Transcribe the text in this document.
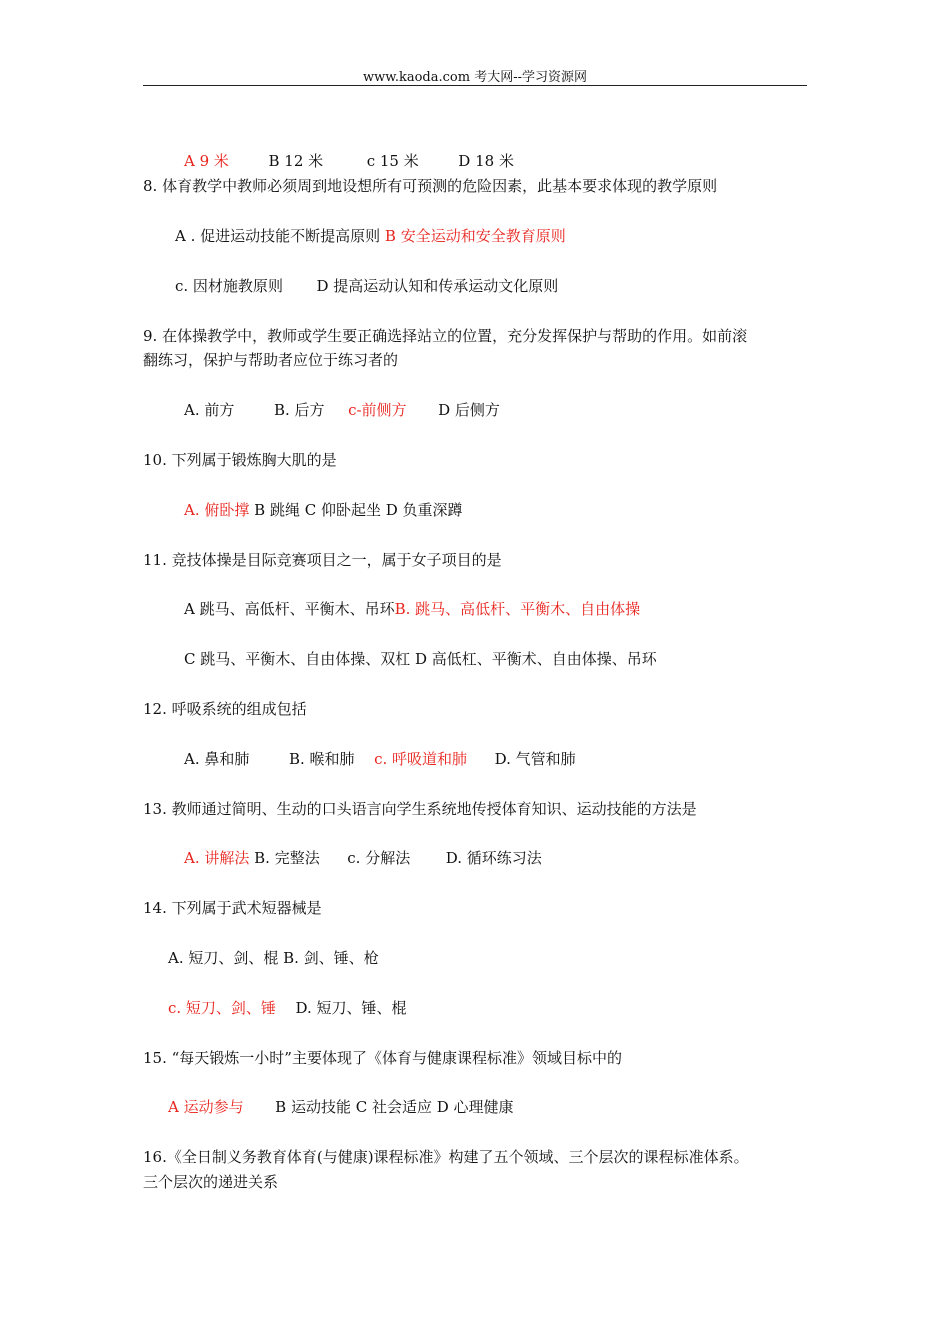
www.kaoda.com 考大网--学习资源网
A 9 米	B 12 米	c 15 米	D 18 米
8. 体育教学中教师必须周到地设想所有可预测的危险因素，此基本要求体现的教学原则
A . 促进运动技能不断提高原则 B 安全运动和安全教育原则
c. 因材施教原则 D 提高运动认知和传承运动文化原则
9. 在体操教学中，教师或学生要正确选择站立的位置，充分发挥保护与帮助的作用。如前滚
翻练习，保护与帮助者应位于练习者的
A. 前方	B. 后方 c-前侧方 D 后侧方
10. 下列属于锻炼胸大肌的是
A. 俯卧撑 B 跳绳 C 仰卧起坐 D 负重深蹲
11. 竞技体操是目际竞赛项目之一，属于女子项目的是
A 跳马、高低杆、平衡木、吊环B. 跳马、高低杆、平衡木、自由体操
C 跳马、平衡木、自由体操、双杠 D 高低杠、平衡术、自由体操、吊环
12. 呼吸系统的组成包括
A. 鼻和肺	B. 喉和肺 c. 呼吸道和肺 D. 气管和肺
13. 教师通过简明、生动的口头语言向学生系统地传授体育知识、运动技能的方法是
A. 讲解法 B. 完整法 c. 分解法 D. 循环练习法
14. 下列属于武术短器械是
A. 短刀、剑、棍 B. 剑、锤、枪
c. 短刀、剑、锤 D. 短刀、锤、棍
15. “每天锻炼一小时”主要体现了《体育与健康课程标准》领域目标中的
A 运动参与 B 运动技能 C 社会适应 D 心理健康
16.《全日制义务教育体育(与健康)课程标准》构建了五个领域、三个层次的课程标准体系。
三个层次的递进关系
